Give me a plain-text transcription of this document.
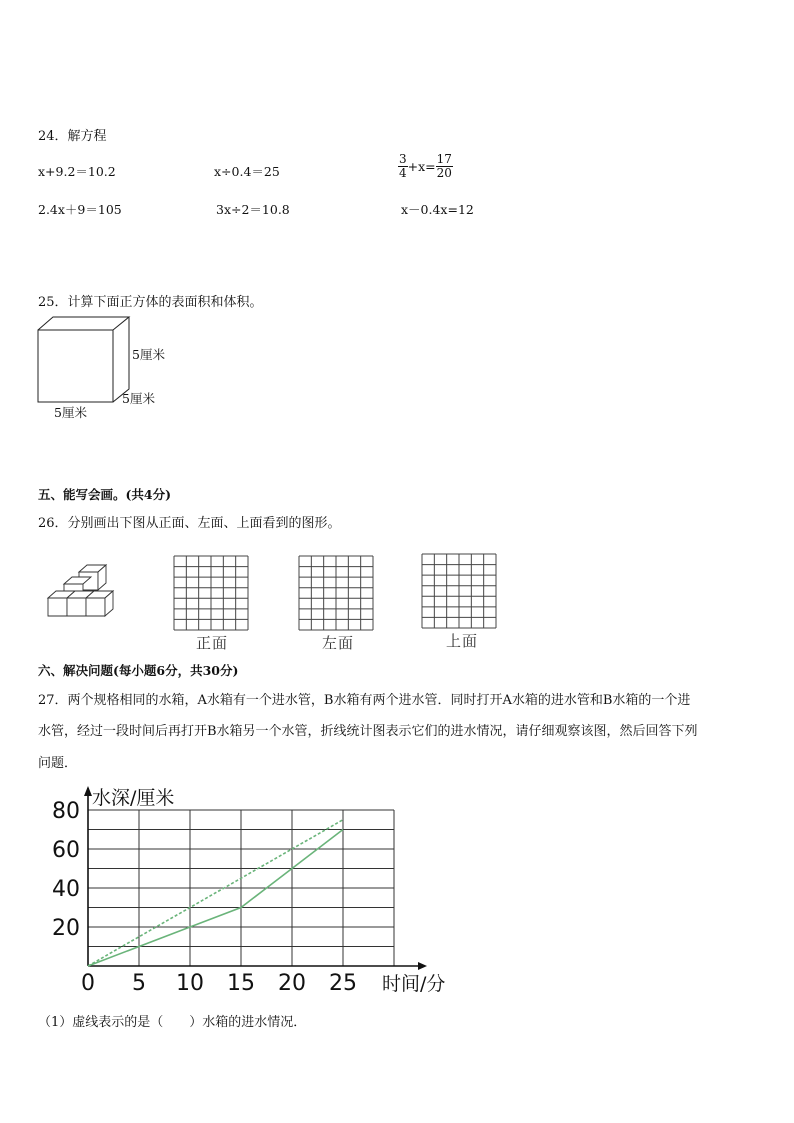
24．解方程
x+9.2＝10.2	x÷0.4＝25	$\frac{3}{4} +x= \frac{17}{20}$
2.4x＋9＝105	3x÷2＝10.8	x－0.4x=12
25．计算下面正方体的表面积和体积。
5厘米
5厘米
5厘米
五、能写会画。(共4分)
26．分别画出下图从正面、左面、上面看到的图形。
正面	左面	上面
六、解决问题(每小题6分，共30分)
27．两个规格相同的水箱，A水箱有一个进水管，B水箱有两个进水管．同时打开A水箱的进水管和B水箱的一个进
水管，经过一段时间后再打开B水箱另一个水管，折线统计图表示它们的进水情况，请仔细观察该图，然后回答下列
问题．
0 5 10 15 20 25
20
40
60
80
水深/厘米
时间/分
（1）虚线表示的是（　　）水箱的进水情况．
